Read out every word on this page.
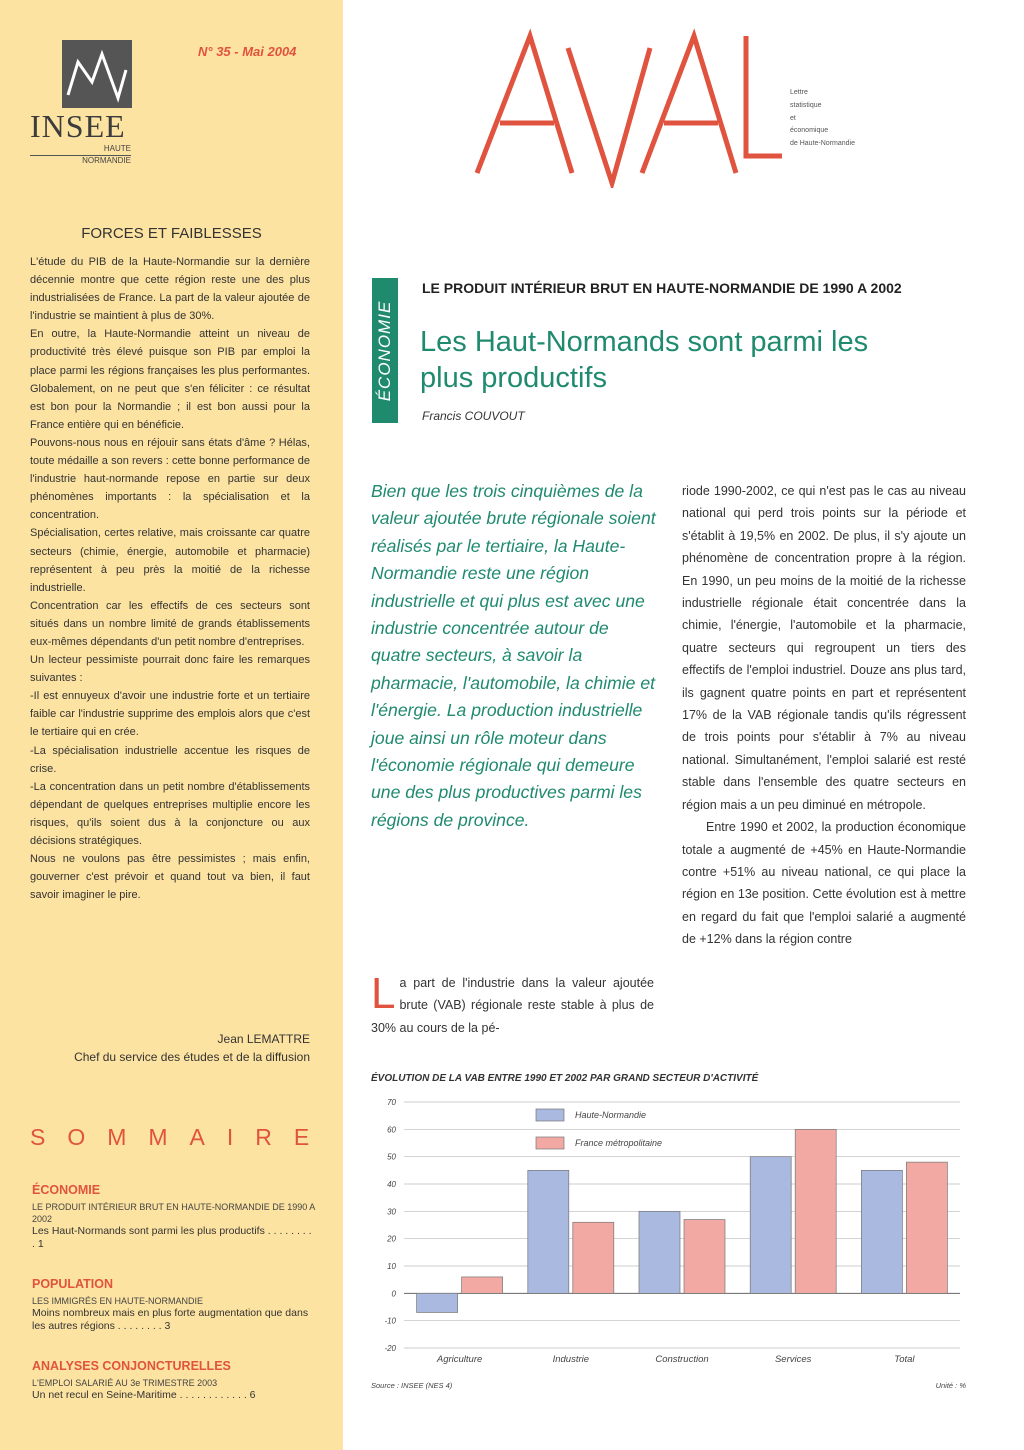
INSEE
HAUTE
NORMANDIE
N° 35 - Mai 2004
FORCES ET FAIBLESSES

L'étude du PIB de la Haute-Normandie sur la dernière décennie montre que cette région reste une des plus industrialisées de France. La part de la valeur ajoutée de l'industrie se maintient à plus de 30%.

En outre, la Haute-Normandie atteint un niveau de productivité très élevé puisque son PIB par emploi la place parmi les régions françaises les plus performantes. Globalement, on ne peut que s'en féliciter : ce résultat est bon pour la Normandie ; il est bon aussi pour la France entière qui en bénéficie.

Pouvons-nous nous en réjouir sans états d'âme ? Hélas, toute médaille a son revers : cette bonne performance de l'industrie haut-normande repose en partie sur deux phénomènes importants : la spécialisation et la concentration.

Spécialisation, certes relative, mais croissante car quatre secteurs (chimie, énergie, automobile et pharmacie) représentent à peu près la moitié de la richesse industrielle.

Concentration car les effectifs de ces secteurs sont situés dans un nombre limité de grands établissements eux-mêmes dépendants d'un petit nombre d'entreprises.

Un lecteur pessimiste pourrait donc faire les remarques suivantes :

-Il est ennuyeux d'avoir une industrie forte et un tertiaire faible car l'industrie supprime des emplois alors que c'est le tertiaire qui en crée.

-La spécialisation industrielle accentue les risques de crise.

-La concentration dans un petit nombre d'établissements dépendant de quelques entreprises multiplie encore les risques, qu'ils soient dus à la conjoncture ou aux décisions stratégiques.

Nous ne voulons pas être pessimistes ; mais enfin, gouverner c'est prévoir et quand tout va bien, il faut savoir imaginer le pire.

Jean LEMATTRE
Chef du service des études et de la diffusion
SOMMAIRE
ÉCONOMIE
LE PRODUIT INTÉRIEUR BRUT EN HAUTE-NORMANDIE DE 1990 A 2002
Les Haut-Normands sont parmi les plus productifs . . . . . . . . . 1
POPULATION
LES IMMIGRÉS EN HAUTE-NORMANDIE
Moins nombreux mais en plus forte augmentation que dans les autres régions . . . . . . . . 3
ANALYSES CONJONCTURELLES
L'EMPLOI SALARIÉ AU 3e TRIMESTRE 2003
Un net recul en Seine-Maritime . . . . . . . . . . . . 6
Lettre
statistique
et
économique
de Haute-Normandie
ÉCONOMIE
LE PRODUIT INTÉRIEUR BRUT EN HAUTE-NORMANDIE DE 1990 A 2002
Les Haut-Normands sont parmi les plus productifs
Francis COUVOUT
Bien que les trois cinquièmes de la valeur ajoutée brute régionale soient réalisés par le tertiaire, la Haute-Normandie reste une région industrielle et qui plus est avec une industrie concentrée autour de quatre secteurs, à savoir la pharmacie, l'automobile, la chimie et l'énergie. La production industrielle joue ainsi un rôle moteur dans l'économie régionale qui demeure une des plus productives parmi les régions de province.
La part de l'industrie dans la valeur ajoutée brute (VAB) régionale reste stable à plus de 30% au cours de la pé-

riode 1990-2002, ce qui n'est pas le cas au niveau national qui perd trois points sur la période et s'établit à 19,5% en 2002. De plus, il s'y ajoute un phénomène de concentration propre à la région. En 1990, un peu moins de la moitié de la richesse industrielle régionale était concentrée dans la chimie, l'énergie, l'automobile et la pharmacie, quatre secteurs qui regroupent un tiers des effectifs de l'emploi industriel. Douze ans plus tard, ils gagnent quatre points en part et représentent 17% de la VAB régionale tandis qu'ils régressent de trois points pour s'établir à 7% au niveau national. Simultanément, l'emploi salarié est resté stable dans l'ensemble des quatre secteurs en région mais a un peu diminué en métropole.

Entre 1990 et 2002, la production économique totale a augmenté de +45% en Haute-Normandie contre +51% au niveau national, ce qui place la région en 13e position. Cette évolution est à mettre en regard du fait que l'emploi salarié a augmenté de +12% dans la région contre

ÉVOLUTION DE LA VAB ENTRE 1990 ET 2002 PAR GRAND SECTEUR D'ACTIVITÉ
-20
-10
0
10
20
30
40
50
60
70
Agriculture	Industrie	Construction	Services	Total
Haute-Normandie
France métropolitaine
Source : INSEE (NES 4)	Unité : %
